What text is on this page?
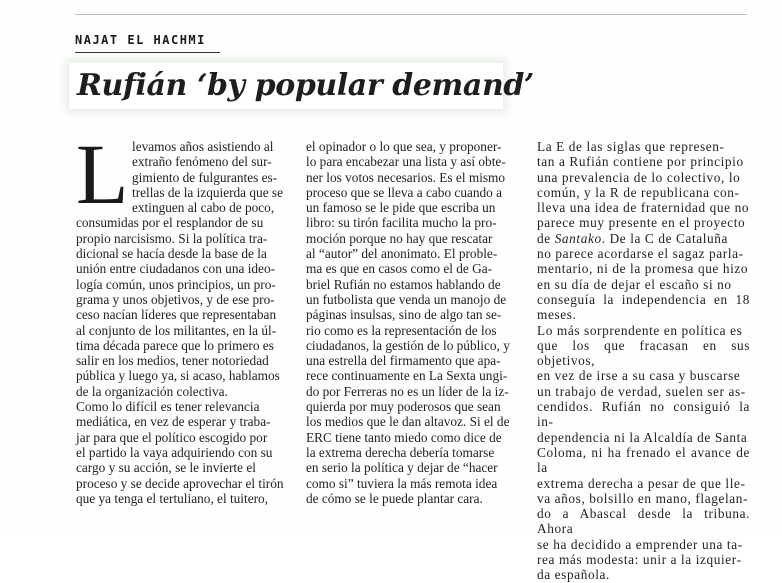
NAJAT EL HACHMI
Rufián ‘by popular demand’
L levamos años asistiendo al
extraño fenómeno del sur-
gimiento de fulgurantes es-
trellas de la izquierda que se
extinguen al cabo de poco,

consumidas por el resplandor de su
propio narcisismo. Si la política tra-
dicional se hacía desde la base de la
unión entre ciudadanos con una ideo-
logía común, unos principios, un pro-
grama y unos objetivos, y de ese pro-
ceso nacían líderes que representaban
al conjunto de los militantes, en la úl-
tima década parece que lo primero es
salir en los medios, tener notoriedad
pública y luego ya, si acaso, hablamos
de la organización colectiva.

Como lo difícil es tener relevancia
mediática, en vez de esperar y traba-
jar para que el político escogido por
el partido la vaya adquiriendo con su
cargo y su acción, se le invierte el
proceso y se decide aprovechar el tirón
que ya tenga el tertuliano, el tuitero,

el opinador o lo que sea, y proponer-
lo para encabezar una lista y así obte-
ner los votos necesarios. Es el mismo
proceso que se lleva a cabo cuando a
un famoso se le pide que escriba un
libro: su tirón facilita mucho la pro-
moción porque no hay que rescatar
al “autor” del anonimato. El proble-
ma es que en casos como el de Ga-
briel Rufián no estamos hablando de
un futbolista que venda un manojo de
páginas insulsas, sino de algo tan se-
rio como es la representación de los
ciudadanos, la gestión de lo público, y
una estrella del firmamento que apa-
rece continuamente en La Sexta ungi-
do por Ferreras no es un líder de la iz-
quierda por muy poderosos que sean
los medios que le dan altavoz. Si el de
ERC tiene tanto miedo como dice de
la extrema derecha debería tomarse
en serio la política y dejar de “hacer
como si” tuviera la más remota idea
de cómo se le puede plantar cara.

La E de las siglas que represen-
tan a Rufián contiene por principio
una prevalencia de lo colectivo, lo
común, y la R de republicana con-
lleva una idea de fraternidad que no
parece muy presente en el proyecto
de Santako. De la C de Cataluña
no parece acordarse el sagaz parla-
mentario, ni de la promesa que hizo
en su día de dejar el escaño si no
conseguía la independencia en 18 meses.

Lo más sorprendente en política es
que los que fracasan en sus objetivos,
en vez de irse a su casa y buscarse
un trabajo de verdad, suelen ser as-
cendidos. Rufián no consiguió la in-
dependencia ni la Alcaldía de Santa
Coloma, ni ha frenado el avance de la
extrema derecha a pesar de que lle-
va años, bolsillo en mano, flagelan-
do a Abascal desde la tribuna. Ahora
se ha decidido a emprender una ta-
rea más modesta: unir a la izquier-
da española.
